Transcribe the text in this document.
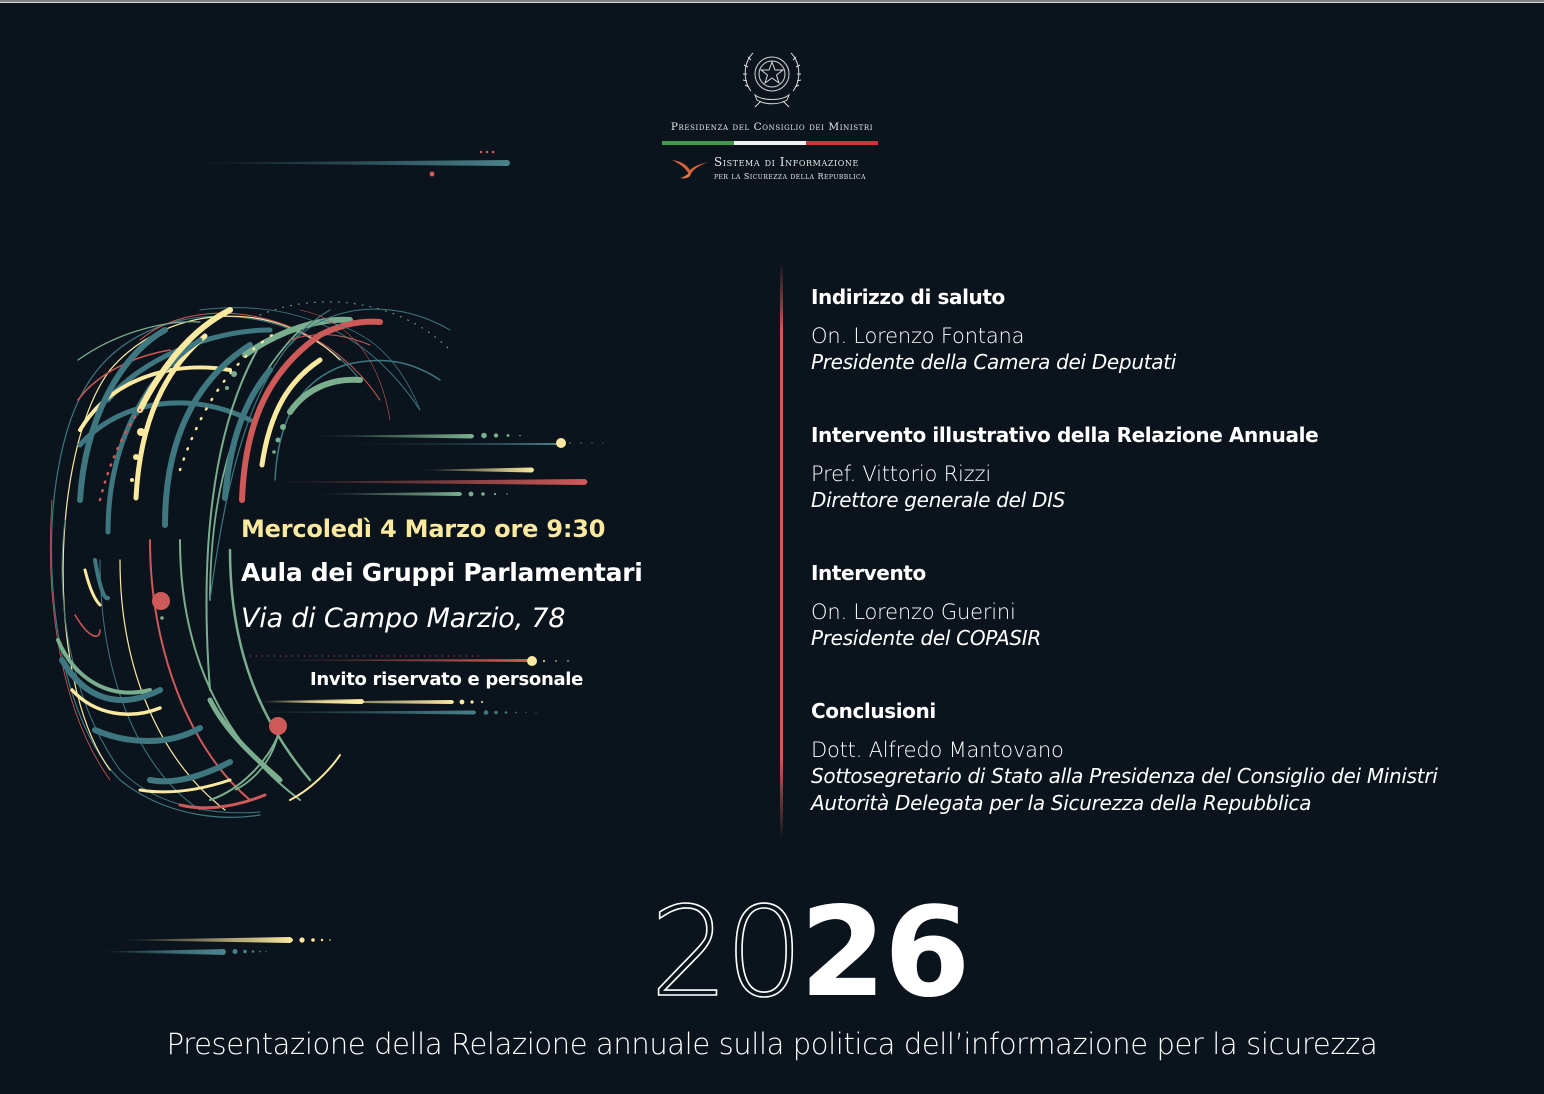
Presidenza del Consiglio dei Ministri
Sistema di Informazione
per la Sicurezza della Repubblica
Mercoledì 4 Marzo ore 9:30
Aula dei Gruppi Parlamentari
Via di Campo Marzio, 78
Invito riservato e personale
Indirizzo di saluto
On. Lorenzo Fontana
Presidente della Camera dei Deputati
Intervento illustrativo della Relazione Annuale
Pref. Vittorio Rizzi
Direttore generale del DIS
Intervento
On. Lorenzo Guerini
Presidente del COPASIR
Conclusioni
Dott. Alfredo Mantovano
Sottosegretario di Stato alla Presidenza del Consiglio dei Ministri
Autorità Delegata per la Sicurezza della Repubblica
2026
Presentazione della Relazione annuale sulla politica dell’informazione per la sicurezza
